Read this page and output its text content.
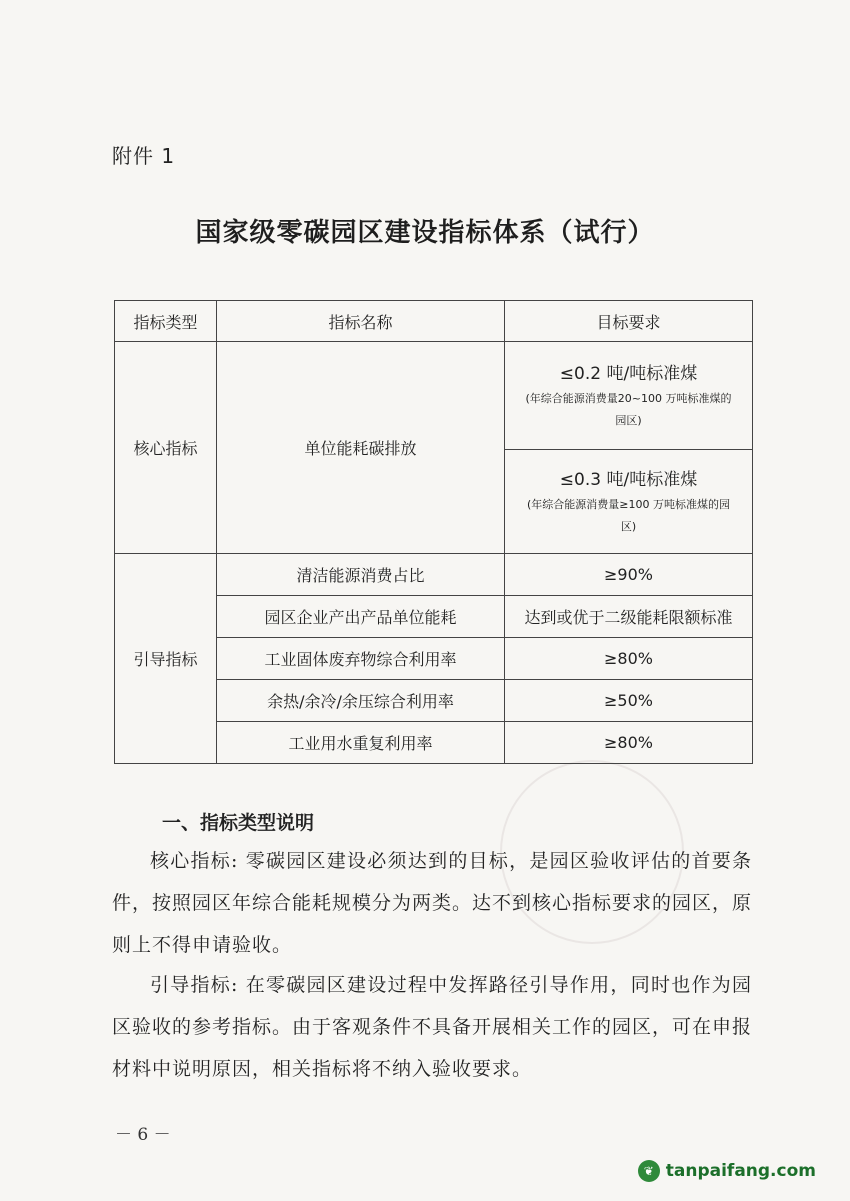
附件 1
国家级零碳园区建设指标体系（试行）
指标类型	指标名称	目标要求
核心指标	单位能耗碳排放	≤0.2 吨/吨标准煤
(年综合能源消费量20~100 万吨标准煤的园区)

		≤0.3 吨/吨标准煤
(年综合能源消费量≥100 万吨标准煤的园区)

引导指标	清洁能源消费占比	≥90%
	园区企业产出产品单位能耗	达到或优于二级能耗限额标准
	工业固体废弃物综合利用率	≥80%
	余热/余冷/余压综合利用率	≥50%
	工业用水重复利用率	≥80%
一、指标类型说明
核心指标: 零碳园区建设必须达到的目标，是园区验收评估的首要条件，按照园区年综合能耗规模分为两类。达不到核心指标要求的园区，原则上不得申请验收。
引导指标: 在零碳园区建设过程中发挥路径引导作用，同时也作为园区验收的参考指标。由于客观条件不具备开展相关工作的园区，可在申报材料中说明原因，相关指标将不纳入验收要求。
－ 6 －
❦ tanpaifang.com
